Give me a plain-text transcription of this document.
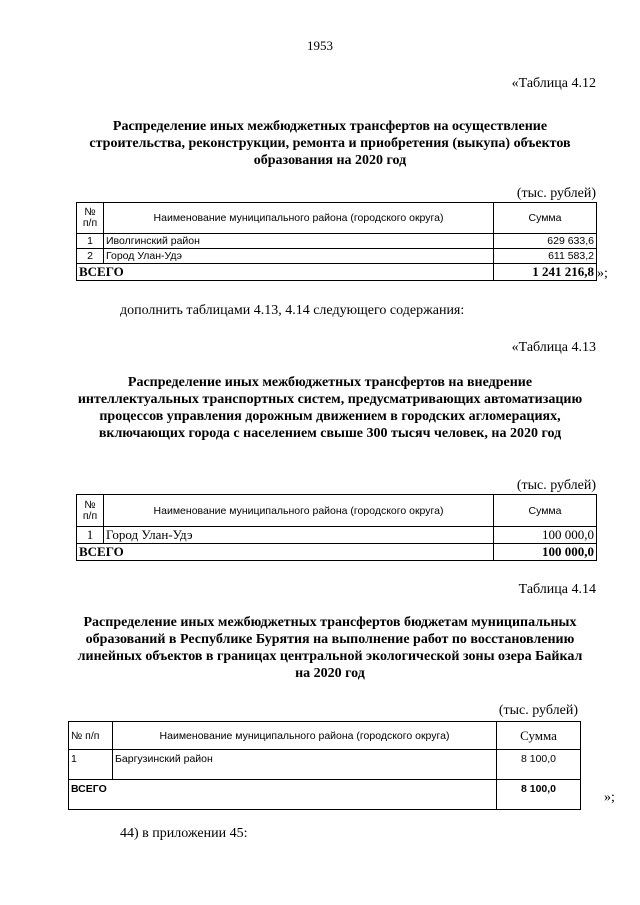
1953
«Таблица 4.12
Распределение иных межбюджетных трансфертов на осуществление строительства, реконструкции, ремонта и приобретения (выкупа) объектов образования на 2020 год
(тыс. рублей)
№ п/п	Наименование муниципального района (городского округа)	Сумма
1	Иволгинский район	629 633,6
2	Город Улан-Удэ	611 583,2
ВСЕГО		1 241 216,8 »;
дополнить таблицами 4.13, 4.14 следующего содержания:
«Таблица 4.13
Распределение иных межбюджетных трансфертов на внедрение интеллектуальных транспортных систем, предусматривающих автоматизацию процессов управления дорожным движением в городских агломерациях, включающих города с населением свыше 300 тысяч человек, на 2020 год
(тыс. рублей)
№ п/п	Наименование муниципального района (городского округа)	Сумма
1	Город Улан-Удэ	100 000,0
ВСЕГО		100 000,0
Таблица 4.14
Распределение иных межбюджетных трансфертов бюджетам муниципальных образований в Республике Бурятия на выполнение работ по восстановлению линейных объектов в границах центральной экологической зоны озера Байкал на 2020 год
(тыс. рублей)
№ п/п	Наименование муниципального района (городского округа)	Сумма
1	Баргузинский район	8 100,0
ВСЕГО		8 100,0
»;
44) в приложении 45:
